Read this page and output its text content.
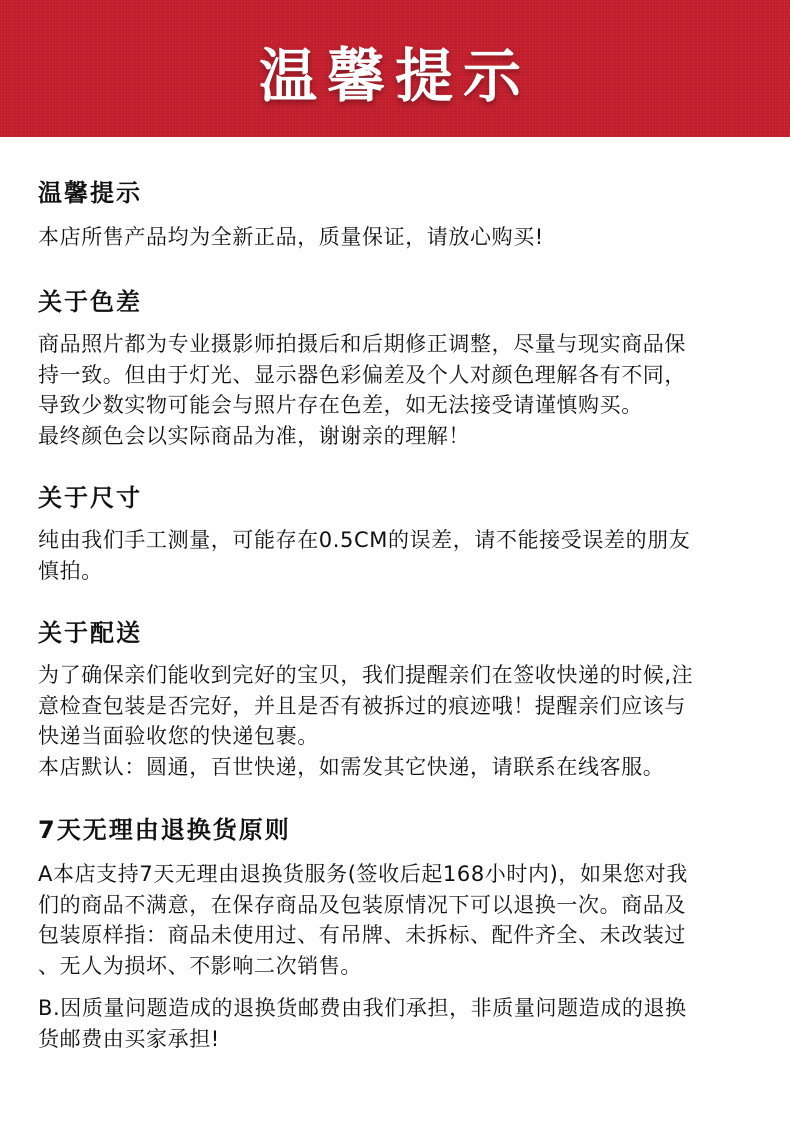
温馨提示
温馨提示

本店所售产品均为全新正品，质量保证，请放心购买!

关于色差

商品照片都为专业摄影师拍摄后和后期修正调整，尽量与现实商品保

持一致。但由于灯光、显示器色彩偏差及个人对颜色理解各有不同，

导致少数实物可能会与照片存在色差，如无法接受请谨慎购买。

最终颜色会以实际商品为准，谢谢亲的理解！

关于尺寸

纯由我们手工测量，可能存在0.5CM的误差，请不能接受误差的朋友

慎拍。

关于配送

为了确保亲们能收到完好的宝贝，我们提醒亲们在签收快递的时候,注

意检查包装是否完好，并且是否有被拆过的痕迹哦！提醒亲们应该与

快递当面验收您的快递包裹。

本店默认：圆通，百世快递，如需发其它快递，请联系在线客服。

7天无理由退换货原则

A本店支持7天无理由退换货服务(签收后起168小时内)，如果您对我

们的商品不满意，在保存商品及包装原情况下可以退换一次。商品及

包装原样指：商品未使用过、有吊牌、未拆标、配件齐全、未改装过

、无人为损坏、不影响二次销售。

B.因质量问题造成的退换货邮费由我们承担，非质量问题造成的退换

货邮费由买家承担!
